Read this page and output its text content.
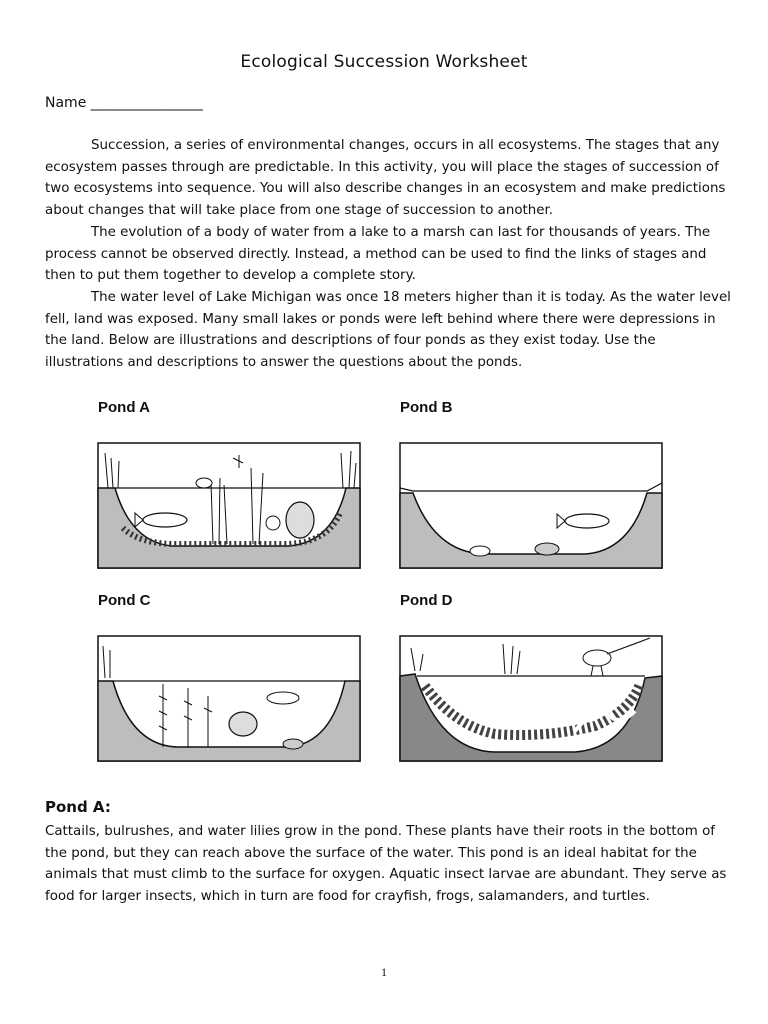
Ecological Succession Worksheet
Name ________________

Succession, a series of environmental changes, occurs in all ecosystems. The stages that any ecosystem passes through are predictable. In this activity, you will place the stages of succession of two ecosystems into sequence. You will also describe changes in an ecosystem and make predictions about changes that will take place from one stage of succession to another.

The evolution of a body of water from a lake to a marsh can last for thousands of years. The process cannot be observed directly. Instead, a method can be used to find the links of stages and then to put them together to develop a complete story.

The water level of Lake Michigan was once 18 meters higher than it is today. As the water level fell, land was exposed. Many small lakes or ponds were left behind where there were depressions in the land. Below are illustrations and descriptions of four ponds as they exist today. Use the illustrations and descriptions to answer the questions about the ponds.

Pond A	Pond B
Pond C	Pond D
Pond A:

Cattails, bulrushes, and water lilies grow in the pond. These plants have their roots in the bottom of the pond, but they can reach above the surface of the water. This pond is an ideal habitat for the animals that must climb to the surface for oxygen. Aquatic insect larvae are abundant. They serve as food for larger insects, which in turn are food for crayfish, frogs, salamanders, and turtles.

1
